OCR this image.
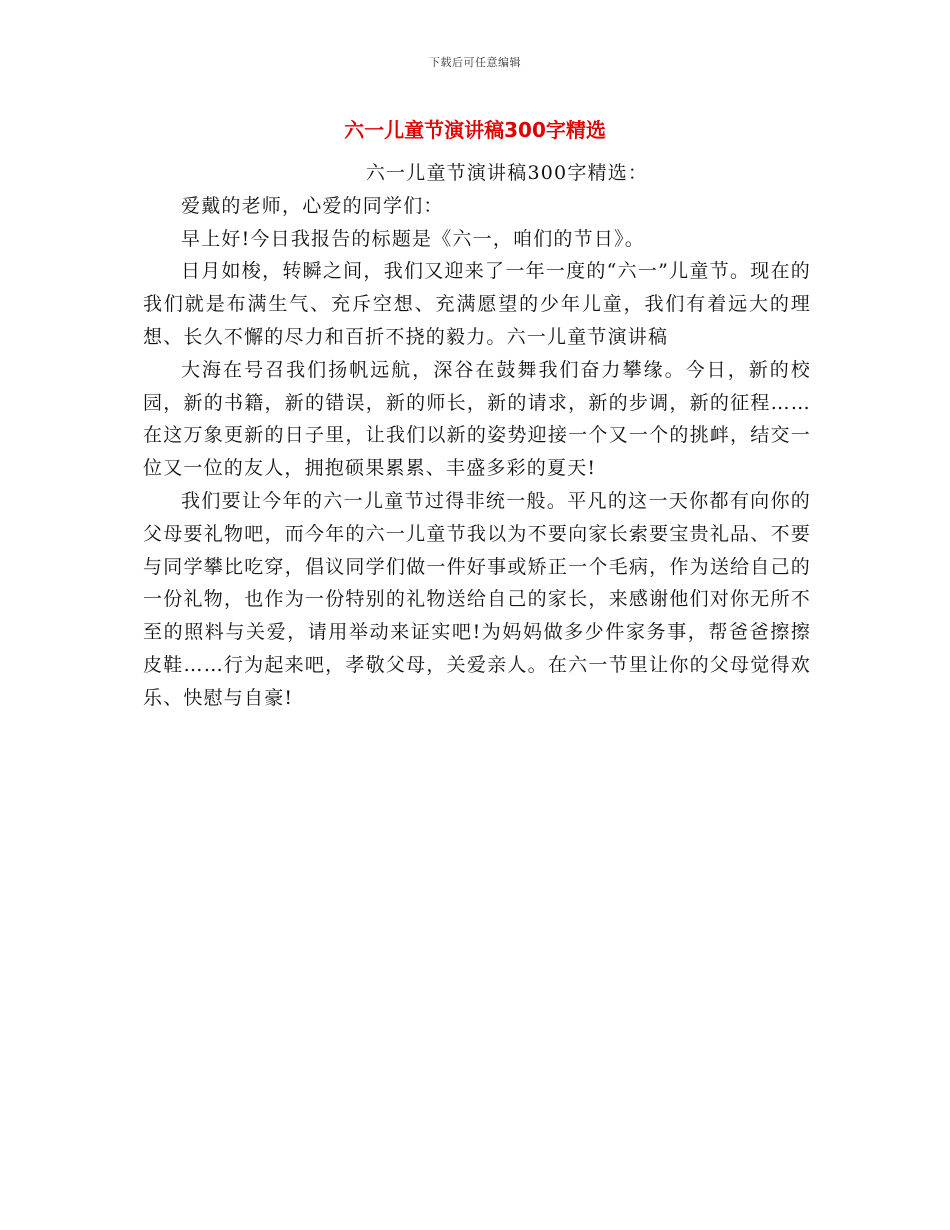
下载后可任意编辑
六一儿童节演讲稿300字精选

六一儿童节演讲稿300字精选：

爱戴的老师，心爱的同学们：

早上好!今日我报告的标题是《六一，咱们的节日》。

日月如梭，转瞬之间，我们又迎来了一年一度的“六一”儿童节。现在的我们就是布满生气、充斥空想、充满愿望的少年儿童，我们有着远大的理想、长久不懈的尽力和百折不挠的毅力。六一儿童节演讲稿

大海在号召我们扬帆远航，深谷在鼓舞我们奋力攀缘。今日，新的校园，新的书籍，新的错误，新的师长，新的请求，新的步调，新的征程……在这万象更新的日子里，让我们以新的姿势迎接一个又一个的挑衅，结交一位又一位的友人，拥抱硕果累累、丰盛多彩的夏天!

我们要让今年的六一儿童节过得非统一般。平凡的这一天你都有向你的父母要礼物吧，而今年的六一儿童节我以为不要向家长索要宝贵礼品、不要与同学攀比吃穿，倡议同学们做一件好事或矫正一个毛病，作为送给自己的一份礼物，也作为一份特别的礼物送给自己的家长，来感谢他们对你无所不至的照料与关爱，请用举动来证实吧!为妈妈做多少件家务事，帮爸爸擦擦皮鞋……行为起来吧，孝敬父母，关爱亲人。在六一节里让你的父母觉得欢乐、快慰与自豪!
